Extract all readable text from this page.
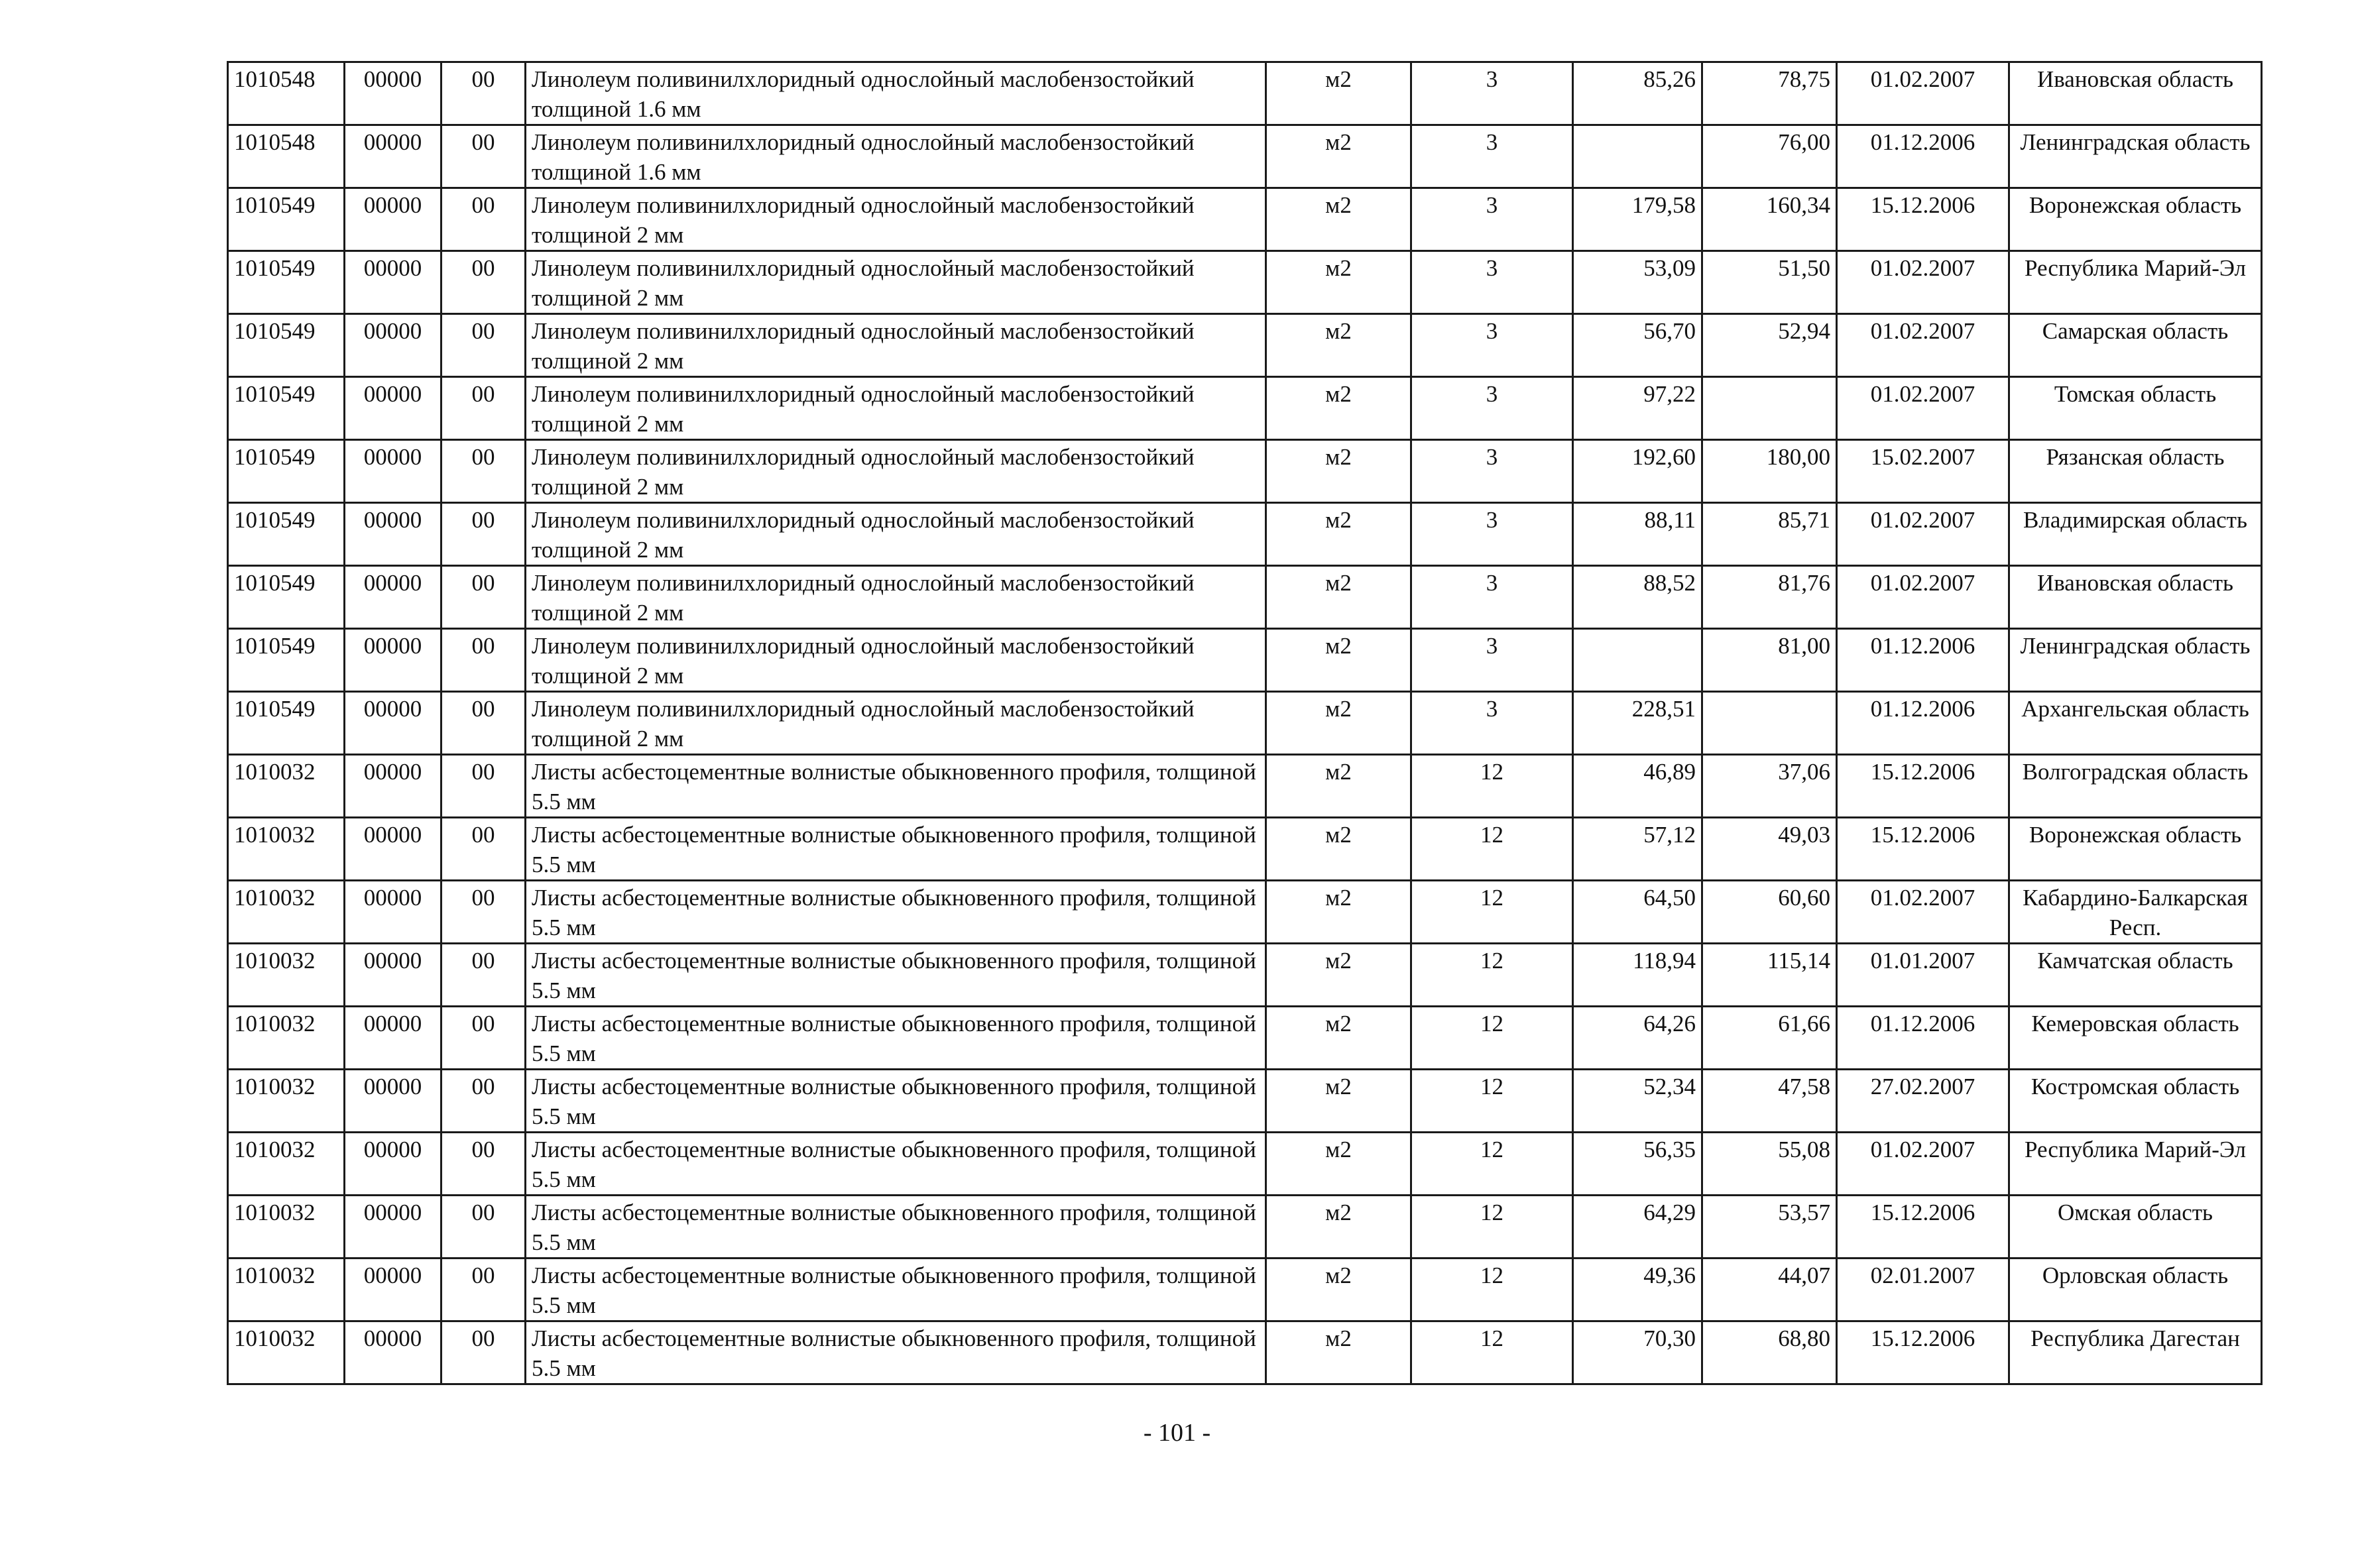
1010548	00000	00	Линолеум поливинилхлоридный однослойный маслобензостойкий толщиной 1.6 мм	м2	3	85,26	78,75	01.02.2007	Ивановская область
1010548	00000	00	Линолеум поливинилхлоридный однослойный маслобензостойкий толщиной 1.6 мм	м2	3		76,00	01.12.2006	Ленинградская область
1010549	00000	00	Линолеум поливинилхлоридный однослойный маслобензостойкий толщиной 2 мм	м2	3	179,58	160,34	15.12.2006	Воронежская область
1010549	00000	00	Линолеум поливинилхлоридный однослойный маслобензостойкий толщиной 2 мм	м2	3	53,09	51,50	01.02.2007	Республика Марий-Эл
1010549	00000	00	Линолеум поливинилхлоридный однослойный маслобензостойкий толщиной 2 мм	м2	3	56,70	52,94	01.02.2007	Самарская область
1010549	00000	00	Линолеум поливинилхлоридный однослойный маслобензостойкий толщиной 2 мм	м2	3	97,22		01.02.2007	Томская область
1010549	00000	00	Линолеум поливинилхлоридный однослойный маслобензостойкий толщиной 2 мм	м2	3	192,60	180,00	15.02.2007	Рязанская область
1010549	00000	00	Линолеум поливинилхлоридный однослойный маслобензостойкий толщиной 2 мм	м2	3	88,11	85,71	01.02.2007	Владимирская область
1010549	00000	00	Линолеум поливинилхлоридный однослойный маслобензостойкий толщиной 2 мм	м2	3	88,52	81,76	01.02.2007	Ивановская область
1010549	00000	00	Линолеум поливинилхлоридный однослойный маслобензостойкий толщиной 2 мм	м2	3		81,00	01.12.2006	Ленинградская область
1010549	00000	00	Линолеум поливинилхлоридный однослойный маслобензостойкий толщиной 2 мм	м2	3	228,51		01.12.2006	Архангельская область
1010032	00000	00	Листы асбестоцементные волнистые обыкновенного профиля, толщиной 5.5 мм	м2	12	46,89	37,06	15.12.2006	Волгоградская область
1010032	00000	00	Листы асбестоцементные волнистые обыкновенного профиля, толщиной 5.5 мм	м2	12	57,12	49,03	15.12.2006	Воронежская область
1010032	00000	00	Листы асбестоцементные волнистые обыкновенного профиля, толщиной 5.5 мм	м2	12	64,50	60,60	01.02.2007	Кабардино-Балкарская Респ.
1010032	00000	00	Листы асбестоцементные волнистые обыкновенного профиля, толщиной 5.5 мм	м2	12	118,94	115,14	01.01.2007	Камчатская область
1010032	00000	00	Листы асбестоцементные волнистые обыкновенного профиля, толщиной 5.5 мм	м2	12	64,26	61,66	01.12.2006	Кемеровская область
1010032	00000	00	Листы асбестоцементные волнистые обыкновенного профиля, толщиной 5.5 мм	м2	12	52,34	47,58	27.02.2007	Костромская область
1010032	00000	00	Листы асбестоцементные волнистые обыкновенного профиля, толщиной 5.5 мм	м2	12	56,35	55,08	01.02.2007	Республика Марий-Эл
1010032	00000	00	Листы асбестоцементные волнистые обыкновенного профиля, толщиной 5.5 мм	м2	12	64,29	53,57	15.12.2006	Омская область
1010032	00000	00	Листы асбестоцементные волнистые обыкновенного профиля, толщиной 5.5 мм	м2	12	49,36	44,07	02.01.2007	Орловская область
1010032	00000	00	Листы асбестоцементные волнистые обыкновенного профиля, толщиной 5.5 мм	м2	12	70,30	68,80	15.12.2006	Республика Дагестан
- 101 -
